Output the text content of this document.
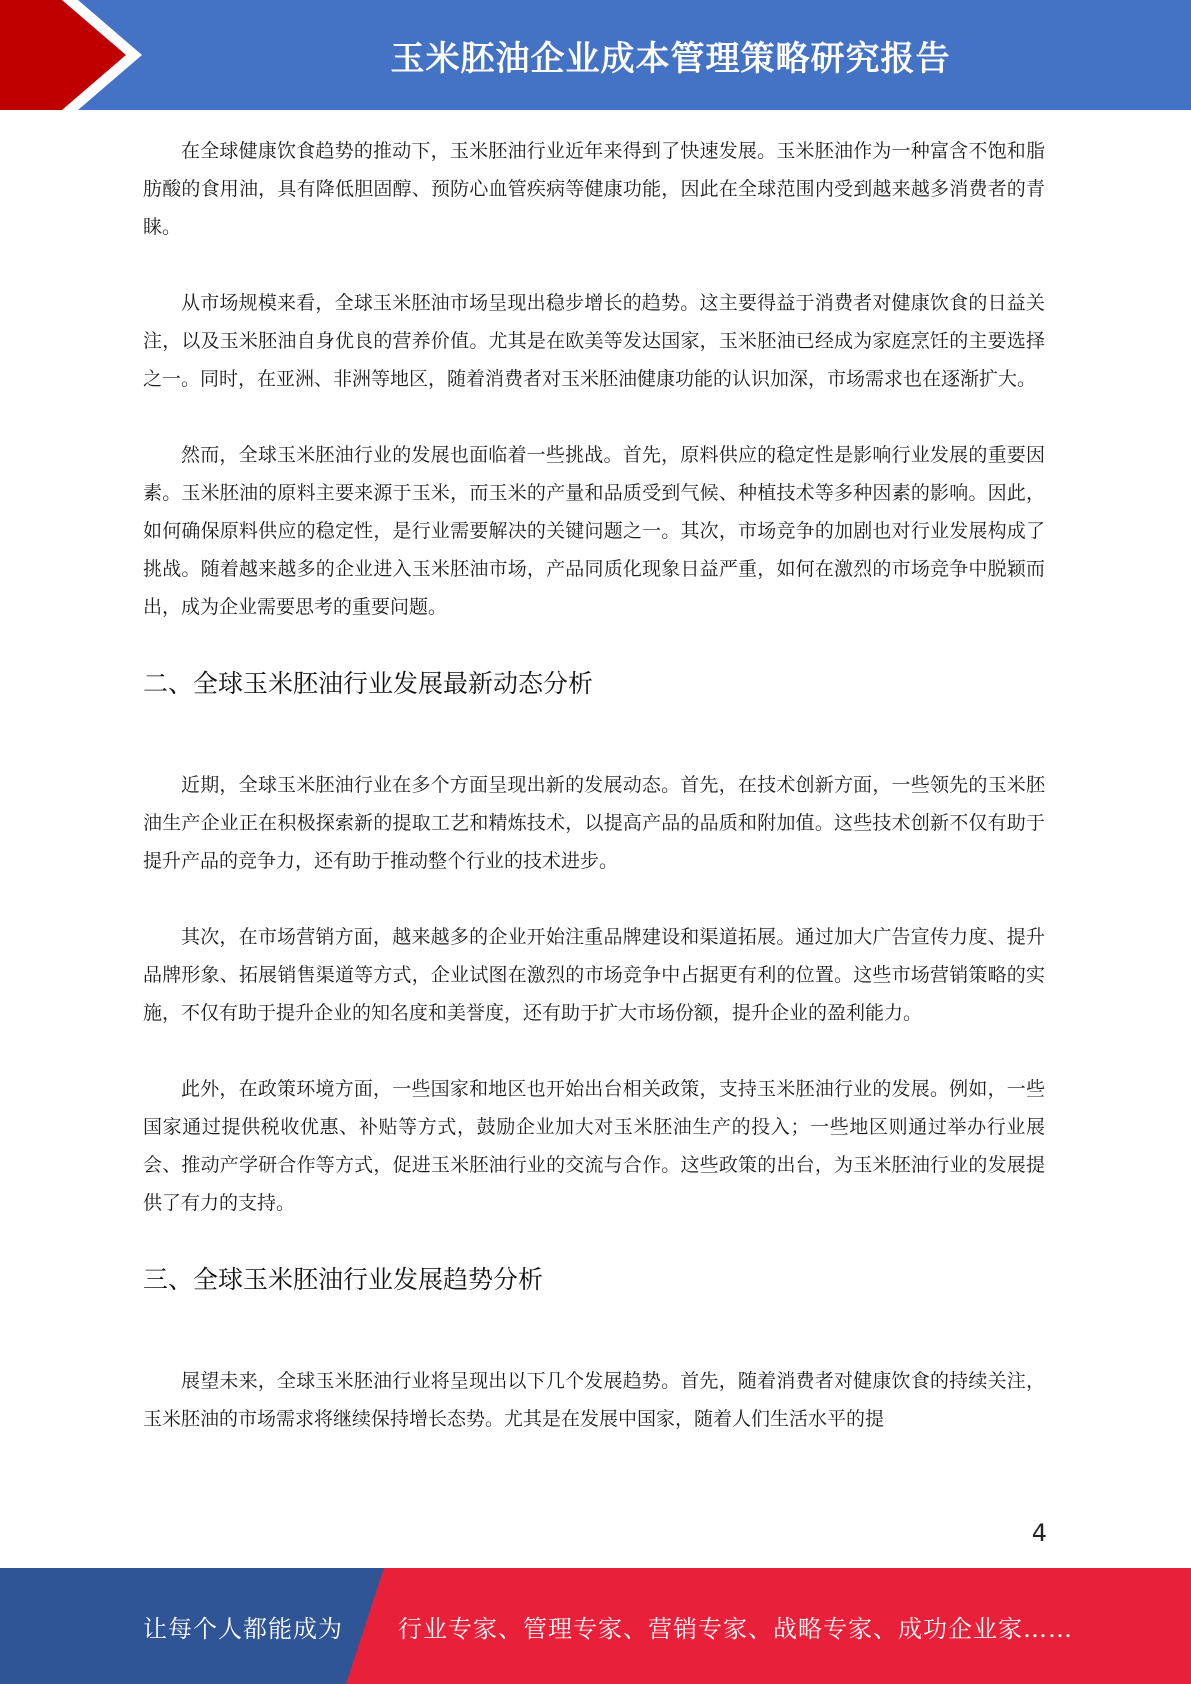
玉米胚油企业成本管理策略研究报告

在全球健康饮食趋势的推动下，玉米胚油行业近年来得到了快速发展。玉米胚油作为一种富含不饱和脂肪酸的食用油，具有降低胆固醇、预防心血管疾病等健康功能，因此在全球范围内受到越来越多消费者的青睐。

从市场规模来看，全球玉米胚油市场呈现出稳步增长的趋势。这主要得益于消费者对健康饮食的日益关注，以及玉米胚油自身优良的营养价值。尤其是在欧美等发达国家，玉米胚油已经成为家庭烹饪的主要选择之一。同时，在亚洲、非洲等地区，随着消费者对玉米胚油健康功能的认识加深，市场需求也在逐渐扩大。

然而，全球玉米胚油行业的发展也面临着一些挑战。首先，原料供应的稳定性是影响行业发展的重要因素。玉米胚油的原料主要来源于玉米，而玉米的产量和品质受到气候、种植技术等多种因素的影响。因此，如何确保原料供应的稳定性，是行业需要解决的关键问题之一。其次，市场竞争的加剧也对行业发展构成了挑战。随着越来越多的企业进入玉米胚油市场，产品同质化现象日益严重，如何在激烈的市场竞争中脱颖而出，成为企业需要思考的重要问题。

二、全球玉米胚油行业发展最新动态分析

近期，全球玉米胚油行业在多个方面呈现出新的发展动态。首先，在技术创新方面，一些领先的玉米胚油生产企业正在积极探索新的提取工艺和精炼技术，以提高产品的品质和附加值。这些技术创新不仅有助于提升产品的竞争力，还有助于推动整个行业的技术进步。

其次，在市场营销方面，越来越多的企业开始注重品牌建设和渠道拓展。通过加大广告宣传力度、提升品牌形象、拓展销售渠道等方式，企业试图在激烈的市场竞争中占据更有利的位置。这些市场营销策略的实施，不仅有助于提升企业的知名度和美誉度，还有助于扩大市场份额，提升企业的盈利能力。

此外，在政策环境方面，一些国家和地区也开始出台相关政策，支持玉米胚油行业的发展。例如，一些国家通过提供税收优惠、补贴等方式，鼓励企业加大对玉米胚油生产的投入；一些地区则通过举办行业展会、推动产学研合作等方式，促进玉米胚油行业的交流与合作。这些政策的出台，为玉米胚油行业的发展提供了有力的支持。

三、全球玉米胚油行业发展趋势分析

展望未来，全球玉米胚油行业将呈现出以下几个发展趋势。首先，随着消费者对健康饮食的持续关注，玉米胚油的市场需求将继续保持增长态势。尤其是在发展中国家，随着人们生活水平的提

4
让每个人都能成为 行业专家、管理专家、营销专家、战略专家、成功企业家……
